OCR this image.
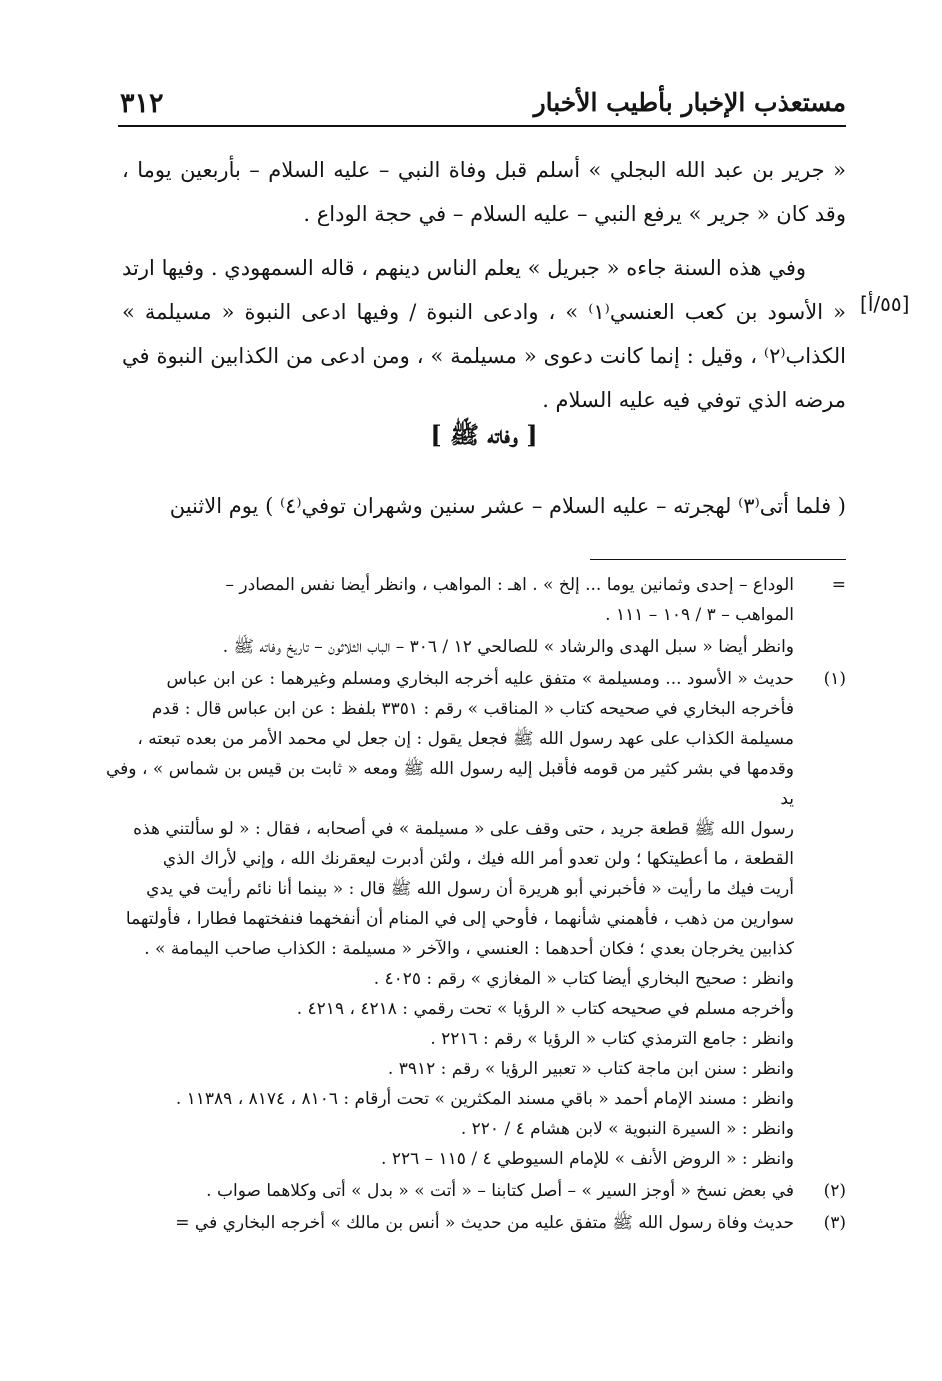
مستعذب الإخبار بأطيب الأخبار
٣١٢
« جرير بن عبد الله البجلي » أسلم قبل وفاة النبي – عليه السلام – بأربعين يوما ، وقد كان « جرير » يرفع النبي – عليه السلام – في حجة الوداع .
[٥٥/أ]
وفي هذه السنة جاءه « جبريل » يعلم الناس دينهم ، قاله السمهودي . وفيها ارتد « الأسود بن كعب العنسي⁽١⁾ » ، وادعى النبوة / وفيها ادعى النبوة « مسيلمة » الكذاب⁽٢⁾ ، وقيل : إنما كانت دعوى « مسيلمة » ، ومن ادعى من الكذابين النبوة في مرضه الذي توفي فيه عليه السلام .
[ وفاته ﷺ ]
( فلما أتى⁽٣⁾ لهجرته – عليه السلام – عشر سنين وشهران توفي⁽٤⁾ ) يوم الاثنين
=
الوداع – إحدى وثمانين يوما ... إلخ » . اهـ : المواهب ، وانظر أيضا نفس المصادر –
المواهب – ٣ / ١٠٩ – ١١١ .
وانظر أيضا « سبل الهدى والرشاد » للصالحي ١٢ / ٣٠٦ – الباب الثلاثون – تاريخ وفاته ﷺ .
(١)
حديث « الأسود ... ومسيلمة » متفق عليه أخرجه البخاري ومسلم وغيرهما : عن ابن عباس
فأخرجه البخاري في صحيحه كتاب « المناقب » رقم : ٣٣٥١ بلفظ : عن ابن عباس قال : قدم
مسيلمة الكذاب على عهد رسول الله ﷺ فجعل يقول : إن جعل لي محمد الأمر من بعده تبعته ،
وقدمها في بشر كثير من قومه فأقبل إليه رسول الله ﷺ ومعه « ثابت بن قيس بن شماس » ، وفي يد
رسول الله ﷺ قطعة جريد ، حتى وقف على « مسيلمة » في أصحابه ، فقال : « لو سألتني هذه
القطعة ، ما أعطيتكها ؛ ولن تعدو أمر الله فيك ، ولئن أدبرت ليعقرنك الله ، وإني لأراك الذي
أريت فيك ما رأيت « فأخبرني أبو هريرة أن رسول الله ﷺ قال : « بينما أنا نائم رأيت في يدي
سوارين من ذهب ، فأهمني شأنهما ، فأوحي إلى في المنام أن أنفخهما فنفختهما فطارا ، فأولتهما
كذابين يخرجان بعدي ؛ فكان أحدهما : العنسي ، والآخر « مسيلمة : الكذاب صاحب اليمامة » .
وانظر : صحيح البخاري أيضا كتاب « المغازي » رقم : ٤٠٢٥ .
وأخرجه مسلم في صحيحه كتاب « الرؤيا » تحت رقمي : ٤٢١٨ ، ٤٢١٩ .
وانظر : جامع الترمذي كتاب « الرؤيا » رقم : ٢٢١٦ .
وانظر : سنن ابن ماجة كتاب « تعبير الرؤيا » رقم : ٣٩١٢ .
وانظر : مسند الإمام أحمد « باقي مسند المكثرين » تحت أرقام : ٨١٠٦ ، ٨١٧٤ ، ١١٣٨٩ .
وانظر : « السيرة النبوية » لابن هشام ٤ / ٢٢٠ .
وانظر : « الروض الأنف » للإمام السيوطي ٤ / ١١٥ – ٢٢٦ .
(٢)
في بعض نسخ « أوجز السير » – أصل كتابنا – « أتت » « بدل » أتى وكلاهما صواب .
(٣)
حديث وفاة رسول الله ﷺ متفق عليه من حديث « أنس بن مالك » أخرجه البخاري في =
